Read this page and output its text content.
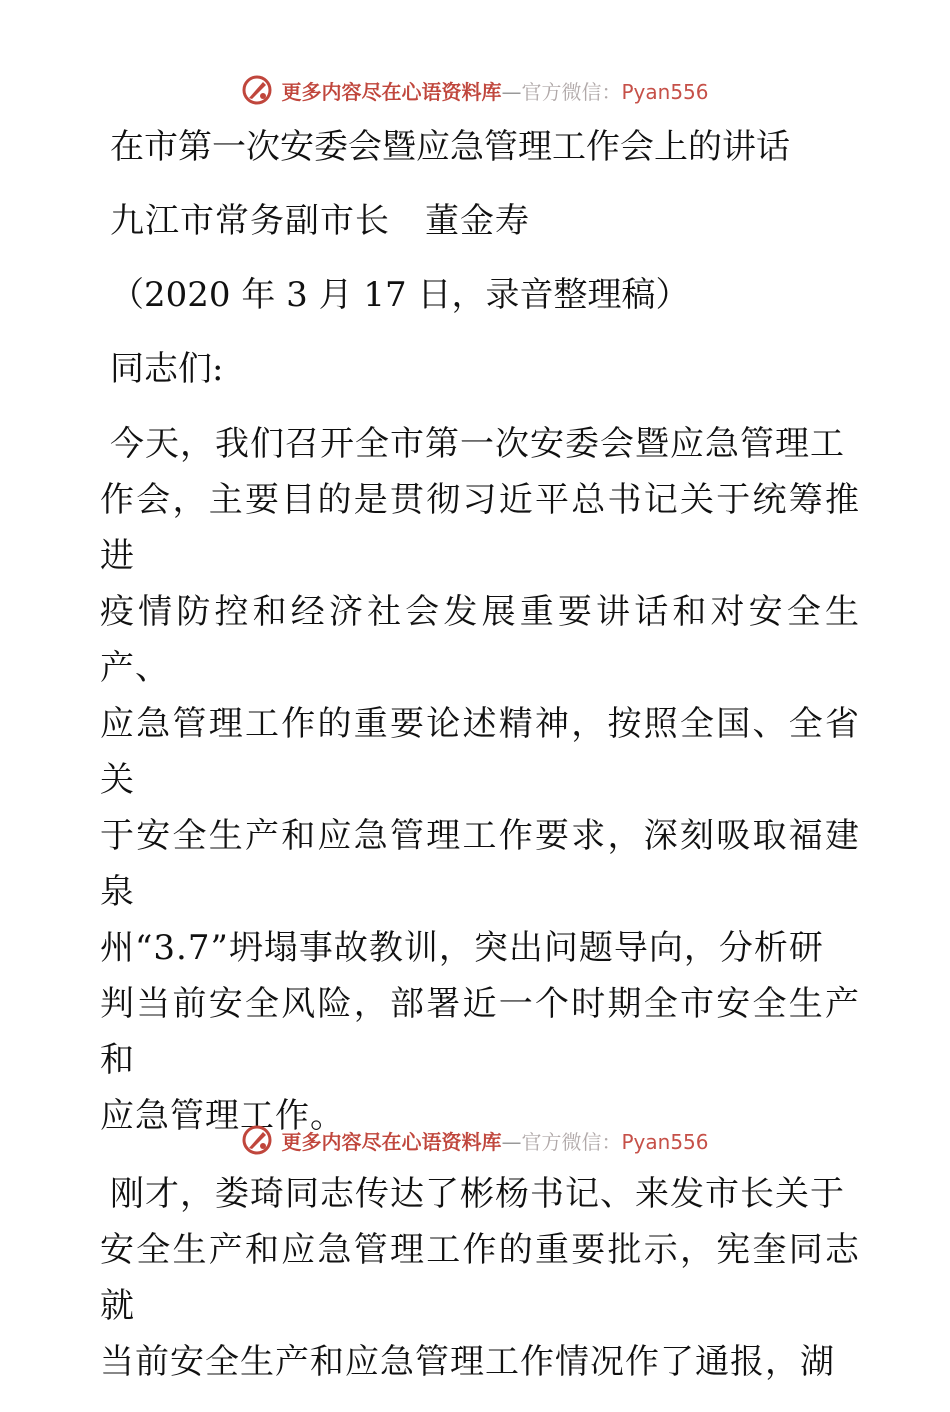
更多内容尽在心语资料库—官方微信：Pyan556

在市第一次安委会暨应急管理工作会上的讲话

九江市常务副市长　董金寿

（2020 年 3 月 17 日，录音整理稿）

同志们:

今天，我们召开全市第一次安委会暨应急管理工
作会，主要目的是贯彻习近平总书记关于统筹推进
疫情防控和经济社会发展重要讲话和对安全生产、
应急管理工作的重要论述精神，按照全国、全省关
于安全生产和应急管理工作要求，深刻吸取福建泉
州“3.7”坍塌事故教训，突出问题导向，分析研
判当前安全风险，部署近一个时期全市安全生产和
应急管理工作。
刚才，娄琦同志传达了彬杨书记、来发市长关于
安全生产和应急管理工作的重要批示，宪奎同志就
当前安全生产和应急管理工作情况作了通报，湖
更多内容尽在心语资料库—官方微信：Pyan556
